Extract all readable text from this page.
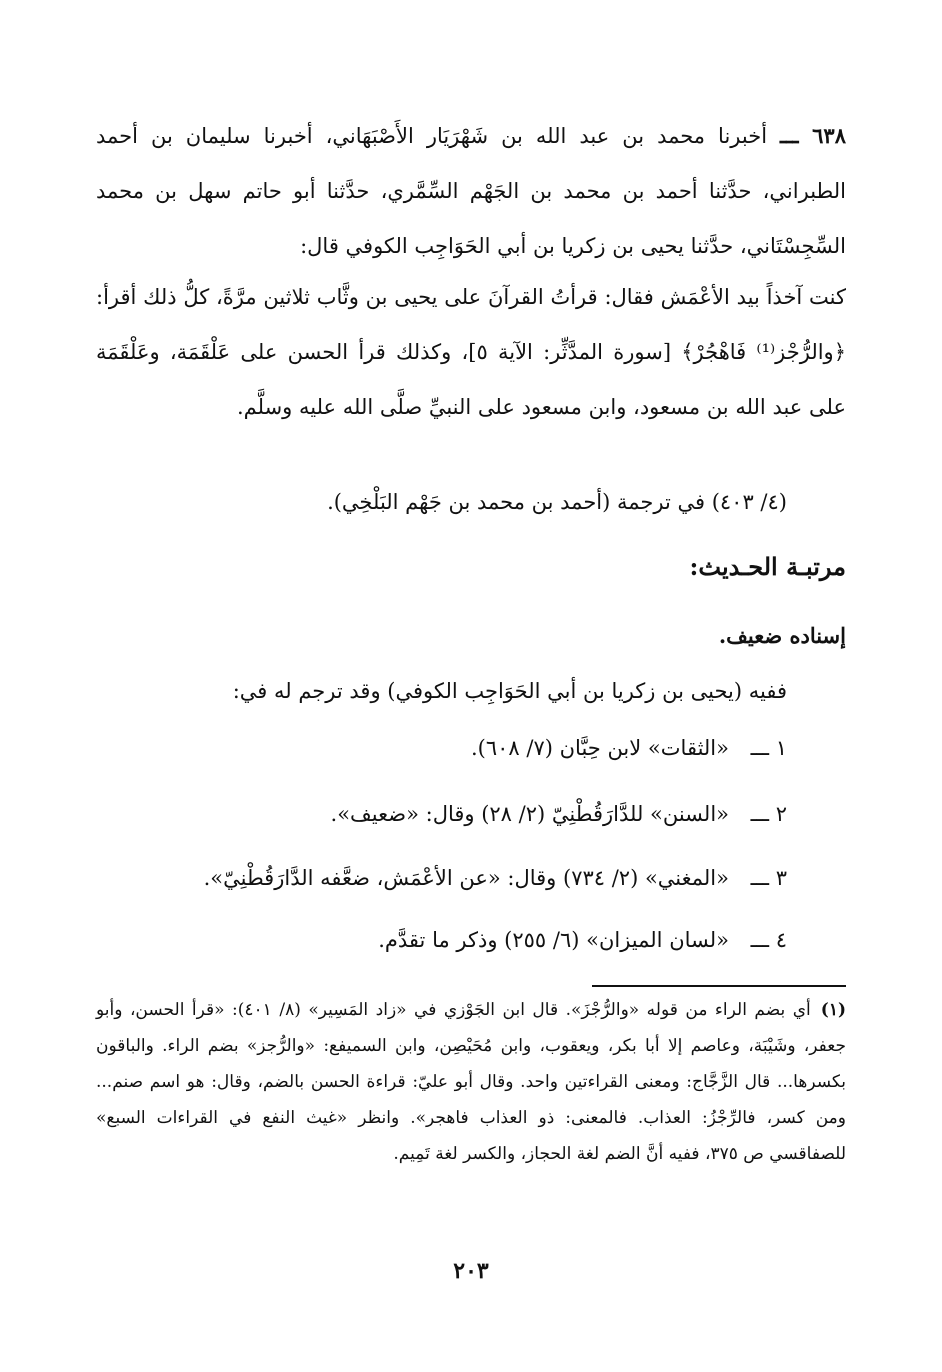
٦٣٨ ـــ أخبرنا محمد بن عبد الله بن شَهْرَيَار الأَصْبَهَاني، أخبرنا سليمان بن أحمد الطبراني، حدَّثنا أحمد بن محمد بن الجَهْم السِّمَّري، حدَّثنا أبو حاتم سهل بن محمد السِّجِسْتَاني، حدَّثنا يحيى بن زكريا بن أبي الحَوَاجِب الكوفي قال:
كنت آخذاً بيد الأعْمَش فقال: قرأتُ القرآنَ على يحيى بن وثَّاب ثلاثين مرَّةً، كلُّ ذلك أقرأ: ﴿والرُّجْز⁽¹⁾ فَاهْجُرْ﴾ [سورة المدَّثِّر: الآية ٥]، وكذلك قرأ الحسن على عَلْقَمَة، وعَلْقَمَة على عبد الله بن مسعود، وابن مسعود على النبيِّ صلَّى الله عليه وسلَّم.
(٤/ ٤٠٣) في ترجمة (أحمد بن محمد بن جَهْم البَلْخِي).
مرتبـة الحـديث:
إسناده ضعيف.
ففيه (يحيى بن زكريا بن أبي الحَوَاجِب الكوفي) وقد ترجم له في:
١ ـــ«الثقات» لابن حِبَّان (٧/ ٦٠٨).
٢ ـــ«السنن» للدَّارَقُطْنِيّ (٢/ ٢٨) وقال: «ضعيف».
٣ ـــ«المغني» (٢/ ٧٣٤) وقال: «عن الأعْمَش، ضعَّفه الدَّارَقُطْنِيّ».
٤ ـــ«لسان الميزان» (٦/ ٢٥٥) وذكر ما تقدَّم.
(١)أي بضم الراء من قوله «والرُّجْزَ». قال ابن الجَوْزي في «زاد المَسِير» (٨/ ٤٠١): «قرأ الحسن، وأبو جعفر، وشَيْبَة، وعاصم إلا أبا بكر، ويعقوب، وابن مُحَيْصِن، وابن السميفع: «والرُّجز» بضم الراء. والباقون بكسرها... قال الزَّجَّاج: ومعنى القراءتين واحد. وقال أبو عليّ: قراءة الحسن بالضم، وقال: هو اسم صنم... ومن كسر، فالرِّجْزُ: العذاب. فالمعنى: ذو العذاب فاهجر». وانظر «غيث النفع في القراءات السبع» للصفاقسي ص ٣٧٥، ففيه أنَّ الضم لغة الحجاز، والكسر لغة تَمِيم.
٢٠٣
